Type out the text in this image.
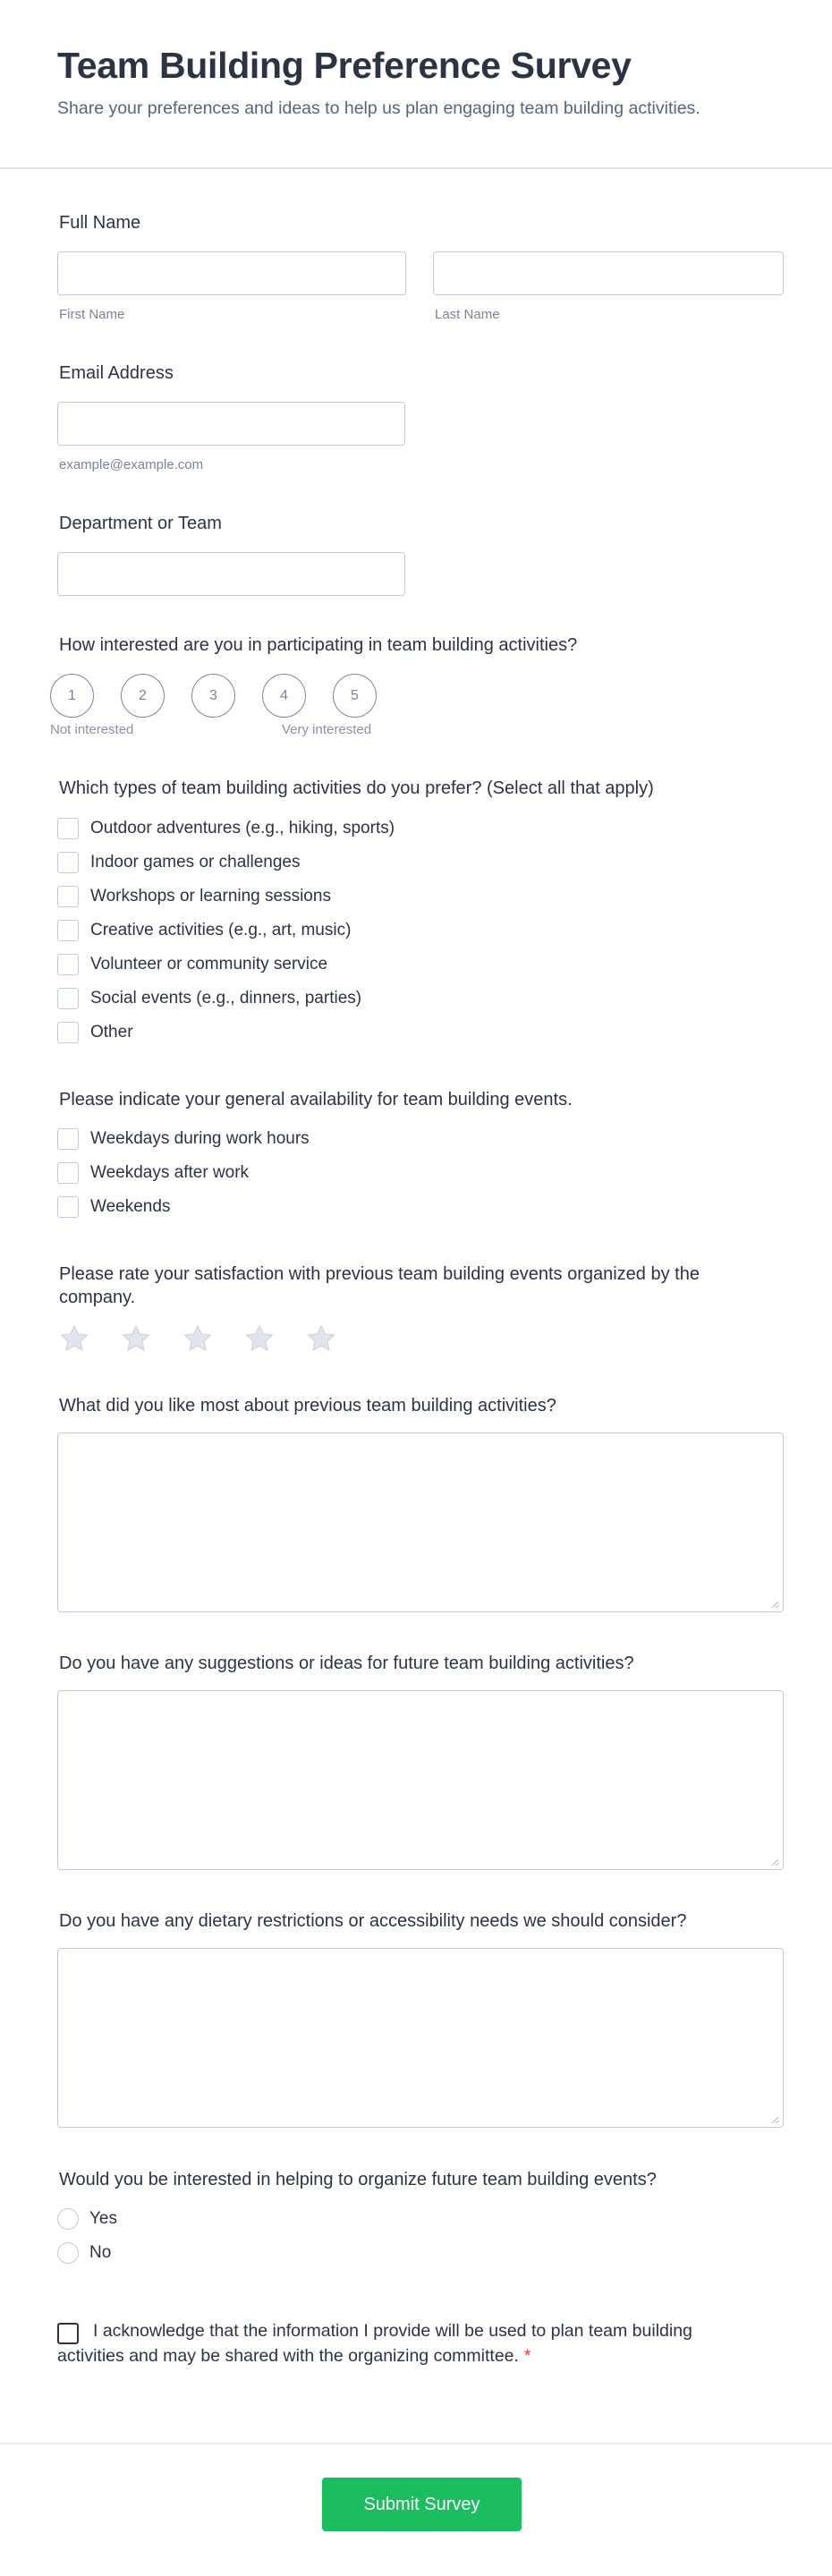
Team Building Preference Survey
Share your preferences and ideas to help us plan engaging team building activities.
Full Name
First Name	Last Name
Email Address
example@example.com
Department or Team
How interested are you in participating in team building activities?
1	2	3	4	5
Not interested	Very interested
Which types of team building activities do you prefer? (Select all that apply)
Outdoor adventures (e.g., hiking, sports)
Indoor games or challenges
Workshops or learning sessions
Creative activities (e.g., art, music)
Volunteer or community service
Social events (e.g., dinners, parties)
Other
Please indicate your general availability for team building events.
Weekdays during work hours
Weekdays after work
Weekends
Please rate your satisfaction with previous team building events organized by the
company.
What did you like most about previous team building activities?
Do you have any suggestions or ideas for future team building activities?
Do you have any dietary restrictions or accessibility needs we should consider?
Would you be interested in helping to organize future team building events?
Yes
No
I acknowledge that the information I provide will be used to plan team building activities and may be shared with the organizing committee. *
Submit Survey
